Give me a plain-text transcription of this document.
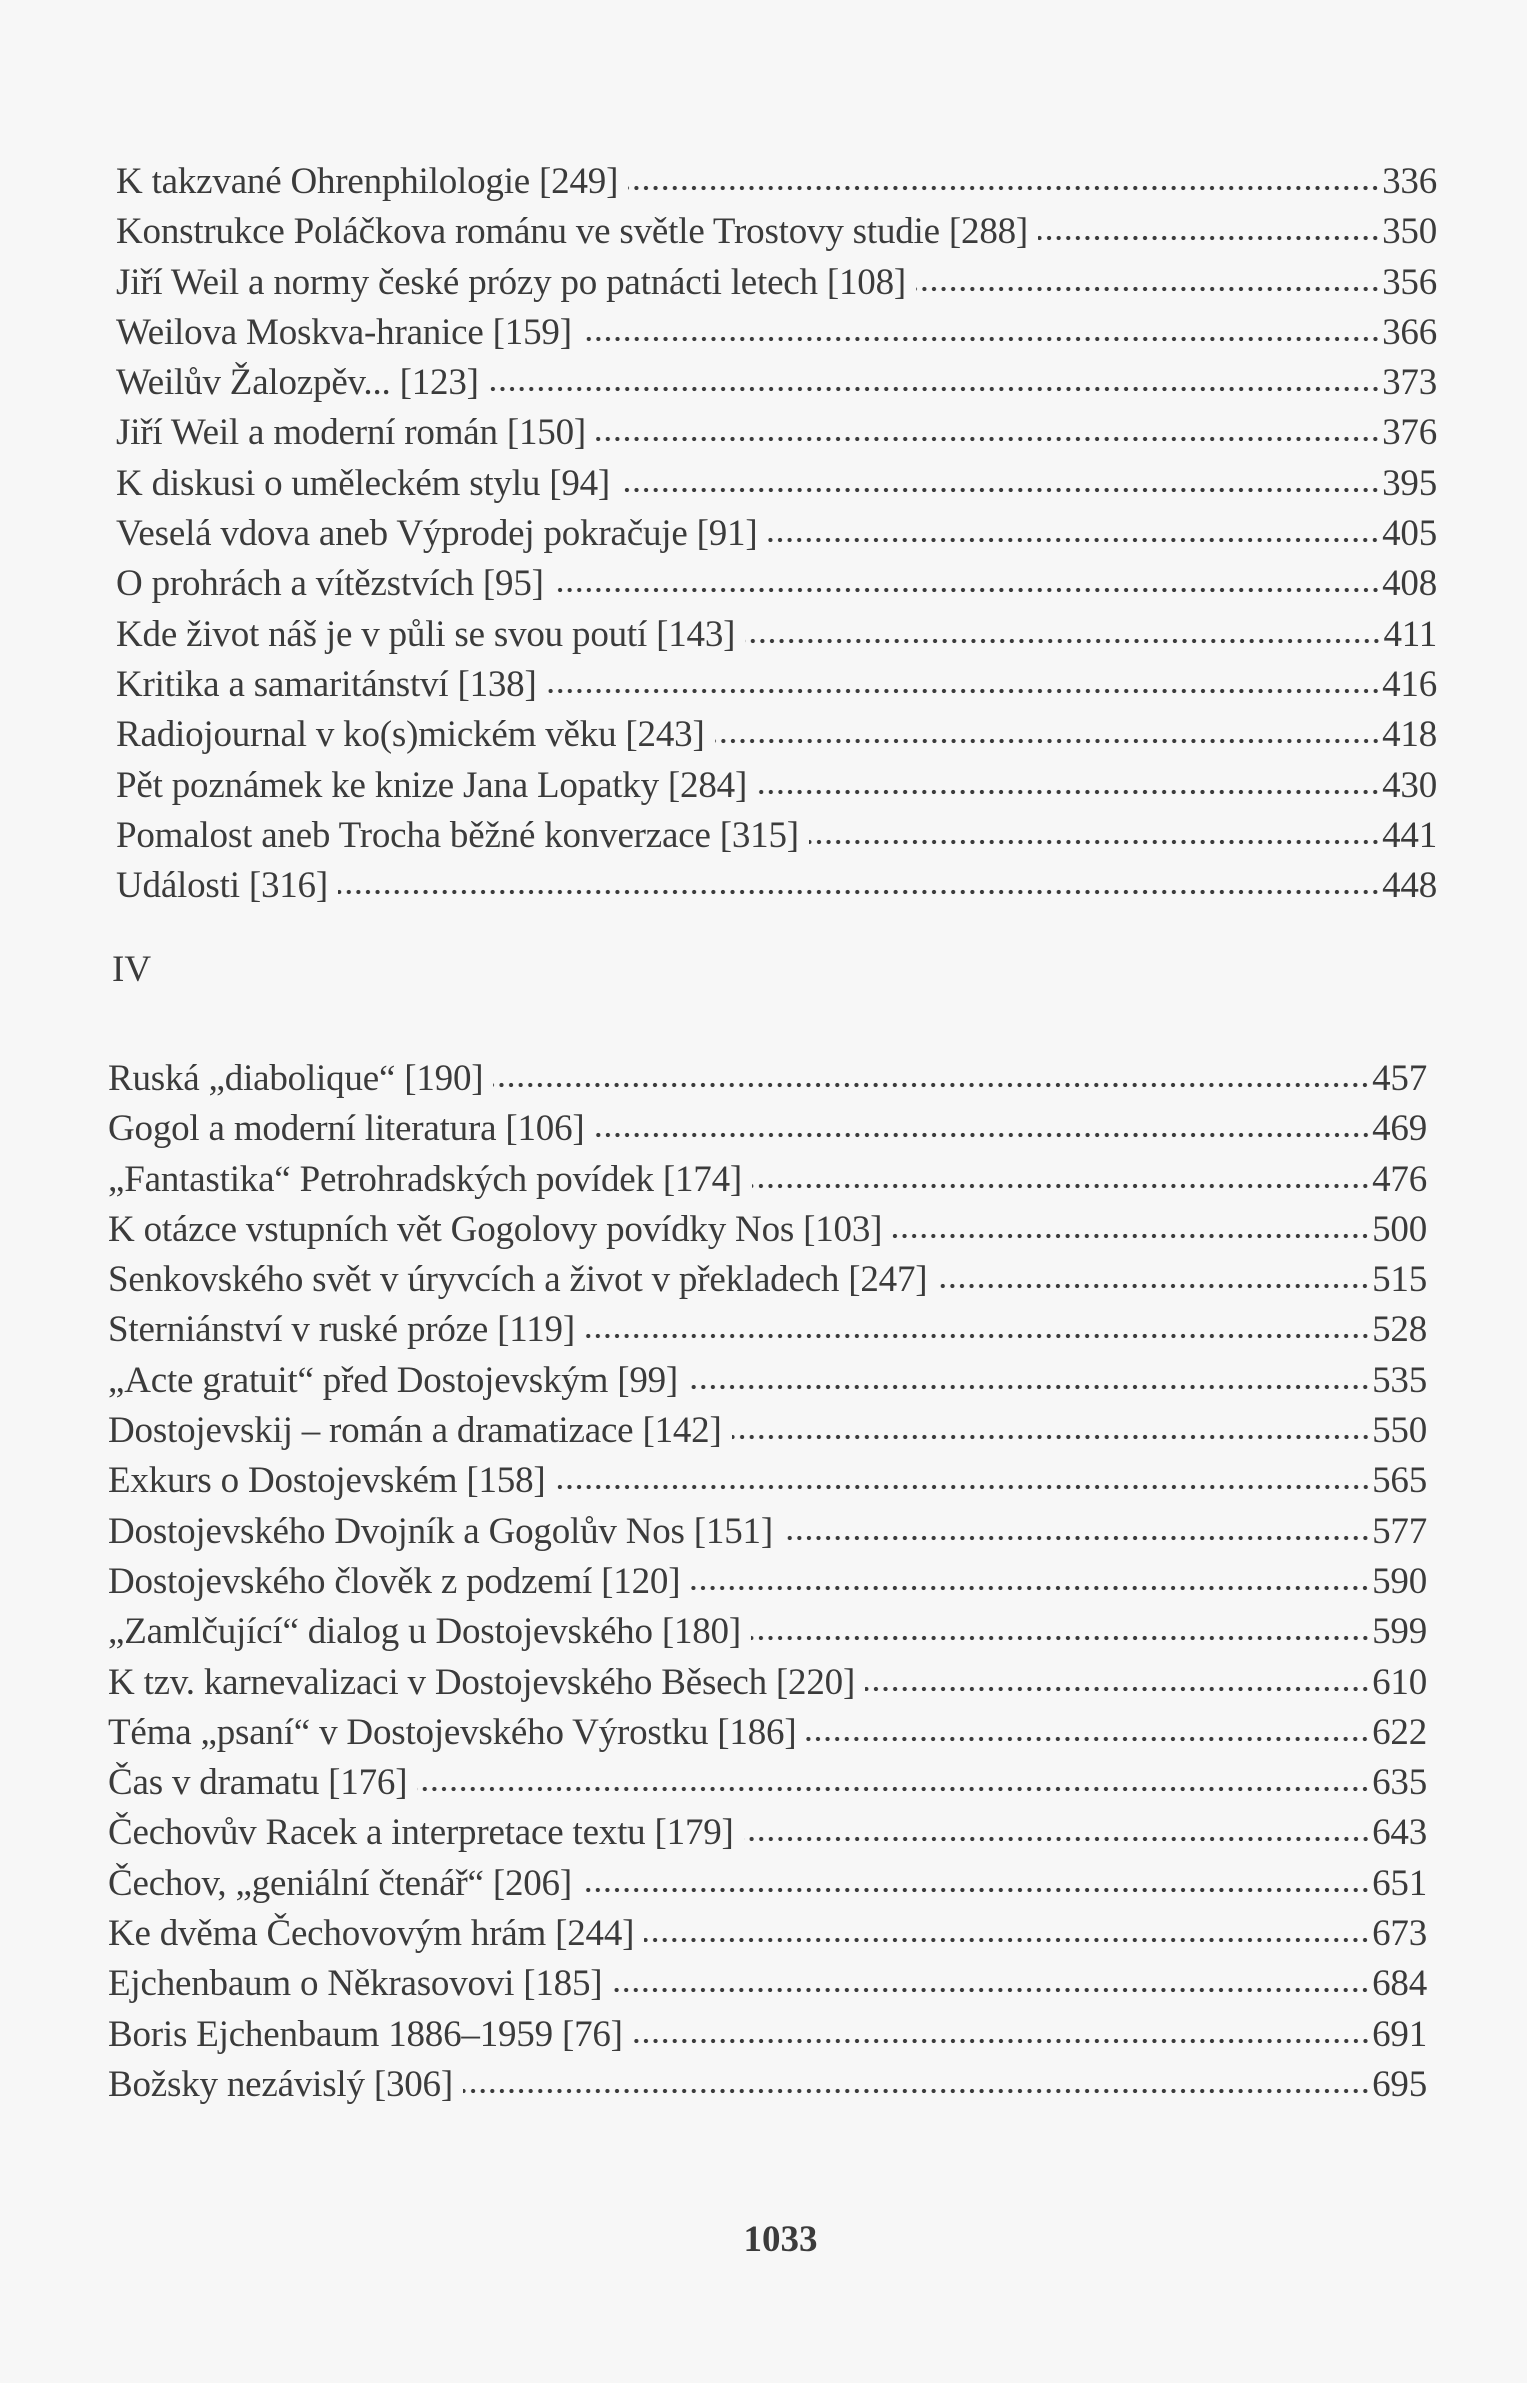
K takzvané Ohrenphilologie [249]	336
Konstrukce Poláčkova románu ve světle Trostovy studie [288]	350
Jiří Weil a normy české prózy po patnácti letech [108]	356
Weilova Moskva-hranice [159]	366
Weilův Žalozpěv... [123]	373
Jiří Weil a moderní román [150]	376
K diskusi o uměleckém stylu [94]	395
Veselá vdova aneb Výprodej pokračuje [91]	405
O prohrách a vítězstvích [95]	408
Kde život náš je v půli se svou poutí [143]	411
Kritika a samaritánství [138]	416
Radiojournal v ko(s)mickém věku [243]	418
Pět poznámek ke knize Jana Lopatky [284]	430
Pomalost aneb Trocha běžné konverzace [315]	441
Události [316]	448
IV
Ruská „diabolique“ [190]	457
Gogol a moderní literatura [106]	469
„Fantastika“ Petrohradských povídek [174]	476
K otázce vstupních vět Gogolovy povídky Nos [103]	500
Senkovského svět v úryvcích a život v překladech [247]	515
Sterniánství v ruské próze [119]	528
„Acte gratuit“ před Dostojevským [99]	535
Dostojevskij – román a dramatizace [142]	550
Exkurs o Dostojevském [158]	565
Dostojevského Dvojník a Gogolův Nos [151]	577
Dostojevského člověk z podzemí [120]	590
„Zamlčující“ dialog u Dostojevského [180]	599
K tzv. karnevalizaci v Dostojevského Běsech [220]	610
Téma „psaní“ v Dostojevského Výrostku [186]	622
Čas v dramatu [176]	635
Čechovův Racek a interpretace textu [179]	643
Čechov, „geniální čtenář“ [206]	651
Ke dvěma Čechovovým hrám [244]	673
Ejchenbaum o Někrasovovi [185]	684
Boris Ejchenbaum 1886–1959 [76]	691
Božsky nezávislý [306]	695
1033
